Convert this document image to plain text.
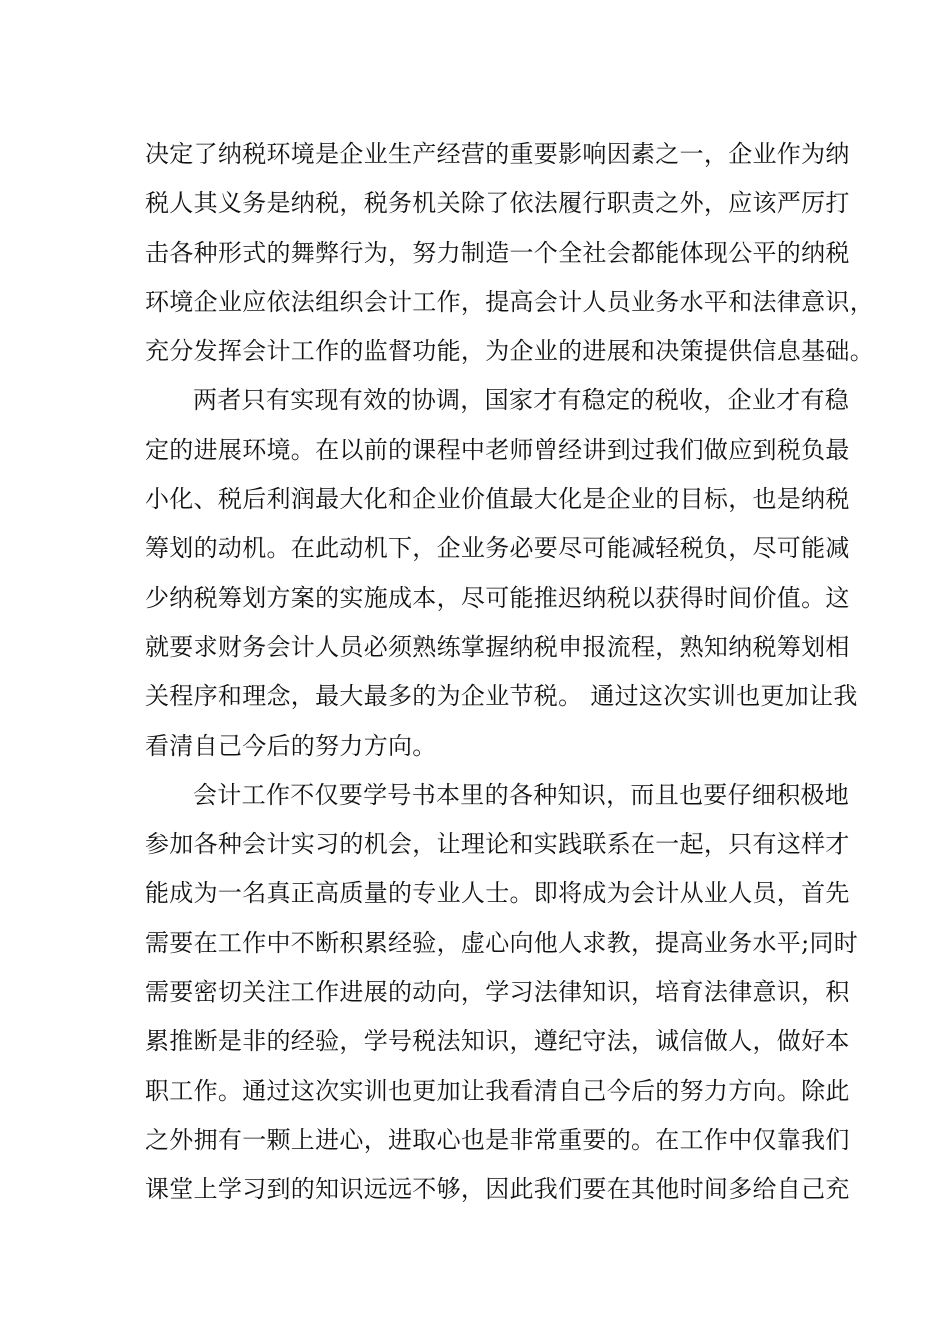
决定了纳税环境是企业生产经营的重要影响因素之一，企业作为纳
税人其义务是纳税，税务机关除了依法履行职责之外，应该严厉打
击各种形式的舞弊行为，努力制造一个全社会都能体现公平的纳税
环境企业应依法组织会计工作，提高会计人员业务水平和法律意识，
充分发挥会计工作的监督功能，为企业的进展和决策提供信息基础。
两者只有实现有效的协调，国家才有稳定的税收，企业才有稳
定的进展环境。在以前的课程中老师曾经讲到过我们做应到税负最
小化、税后利润最大化和企业价值最大化是企业的目标，也是纳税
筹划的动机。在此动机下，企业务必要尽可能减轻税负，尽可能减
少纳税筹划方案的实施成本，尽可能推迟纳税以获得时间价值。这
就要求财务会计人员必须熟练掌握纳税申报流程，熟知纳税筹划相
关程序和理念，最大最多的为企业节税。 通过这次实训也更加让我
看清自己今后的努力方向。
会计工作不仅要学号书本里的各种知识，而且也要仔细积极地
参加各种会计实习的机会，让理论和实践联系在一起，只有这样才
能成为一名真正高质量的专业人士。即将成为会计从业人员，首先
需要在工作中不断积累经验，虚心向他人求教，提高业务水平;同时
需要密切关注工作进展的动向，学习法律知识，培育法律意识，积
累推断是非的经验，学号税法知识，遵纪守法，诚信做人，做好本
职工作。通过这次实训也更加让我看清自己今后的努力方向。除此
之外拥有一颗上进心，进取心也是非常重要的。在工作中仅靠我们
课堂上学习到的知识远远不够，因此我们要在其他时间多给自己充
